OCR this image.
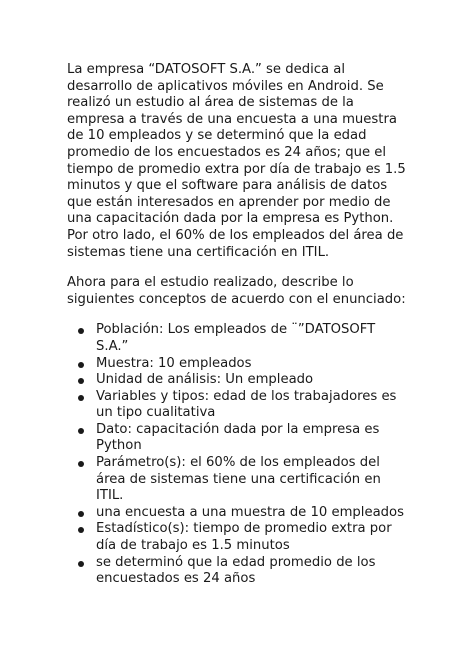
La empresa “DATOSOFT S.A.” se dedica al desarrollo de aplicativos móviles en Android. Se realizó un estudio al área de sistemas de la empresa a través de una encuesta a una muestra de 10 empleados y se determinó que la edad promedio de los encuestados es 24 años; que el tiempo de promedio extra por día de trabajo es 1.5 minutos y que el software para análisis de datos que están interesados en aprender por medio de una capacitación dada por la empresa es Python. Por otro lado, el 60% de los empleados del área de sistemas tiene una certificación en ITIL.

Ahora para el estudio realizado, describe lo siguientes conceptos de acuerdo con el enunciado:

Población: Los empleados de ¨”DATOSOFT S.A.”
Muestra: 10 empleados
Unidad de análisis: Un empleado
Variables y tipos: edad de los trabajadores es un tipo cualitativa
Dato: capacitación dada por la empresa es Python
Parámetro(s): el 60% de los empleados del área de sistemas tiene una certificación en ITIL.
una encuesta a una muestra de 10 empleados
Estadístico(s): tiempo de promedio extra por día de trabajo es 1.5 minutos
se determinó que la edad promedio de los encuestados es 24 años
